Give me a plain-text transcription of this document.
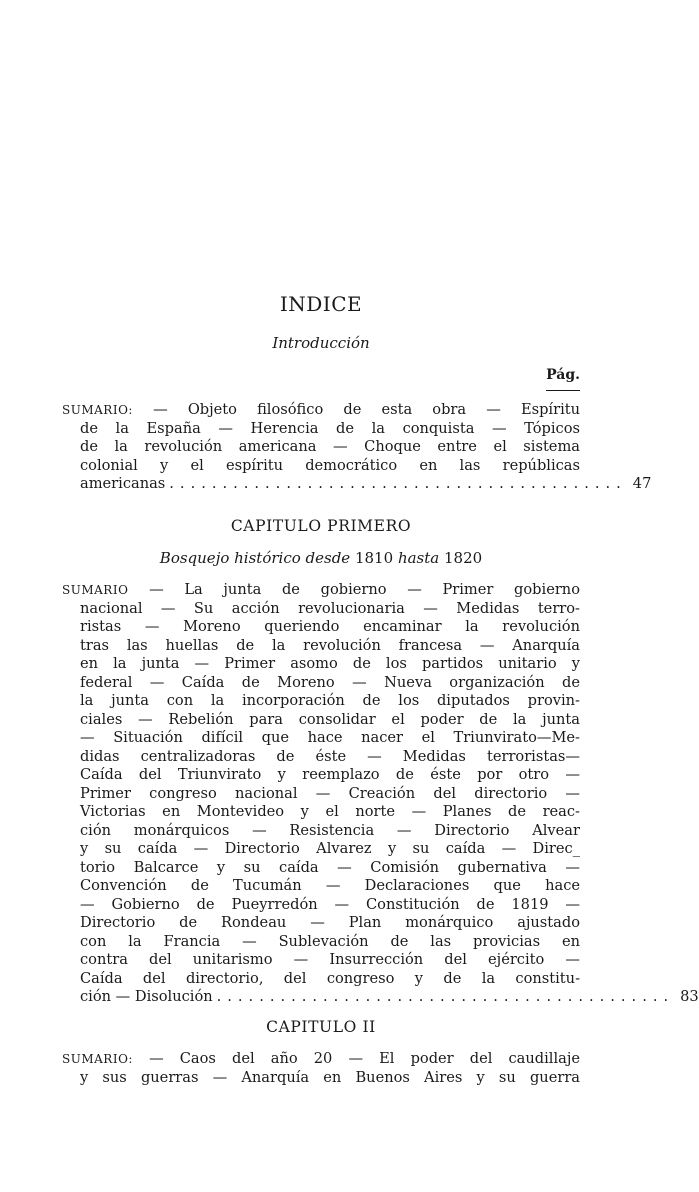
INDICE
Introducción
Pág.
SUMARIO: — Objeto filosófico de esta obra — Espíritu
de la España — Herencia de la conquista — Tópicos
de la revolución americana — Choque entre el sistema
colonial y el espíritu democrático en las repúblicas
americanas ........................................... 47
CAPITULO PRIMERO
Bosquejo histórico desde 1810 hasta 1820
SUMARIO — La junta de gobierno — Primer gobierno
nacional — Su acción revolucionaria — Medidas terro-
ristas — Moreno queriendo encaminar la revolución
tras las huellas de la revolución francesa — Anarquía
en la junta — Primer asomo de los partidos unitario y
federal — Caída de Moreno — Nueva organización de
la junta con la incorporación de los diputados provin-
ciales — Rebelión para consolidar el poder de la junta
— Situación difícil que hace nacer el Triunvirato—Me-
didas centralizadoras de éste — Medidas terroristas—
Caída del Triunvirato y reemplazo de éste por otro —
Primer congreso nacional — Creación del directorio —
Victorias en Montevideo y el norte — Planes de reac-
ción monárquicos — Resistencia — Directorio Alvear
y su caída — Directorio Alvarez y su caída — Direc_
torio Balcarce y su caída — Comisión gubernativa —
Convención de Tucumán — Declaraciones que hace
— Gobierno de Pueyrredón — Constitución de 1819 —
Directorio de Rondeau — Plan monárquico ajustado
con la Francia — Sublevación de las provicias en
contra del unitarismo — Insurrección del ejército —
Caída del directorio, del congreso y de la constitu-
ción — Disolución ........................................... 83
CAPITULO II
SUMARIO: — Caos del año 20 — El poder del caudillaje
y sus guerras — Anarquía en Buenos Aires y su guerra
